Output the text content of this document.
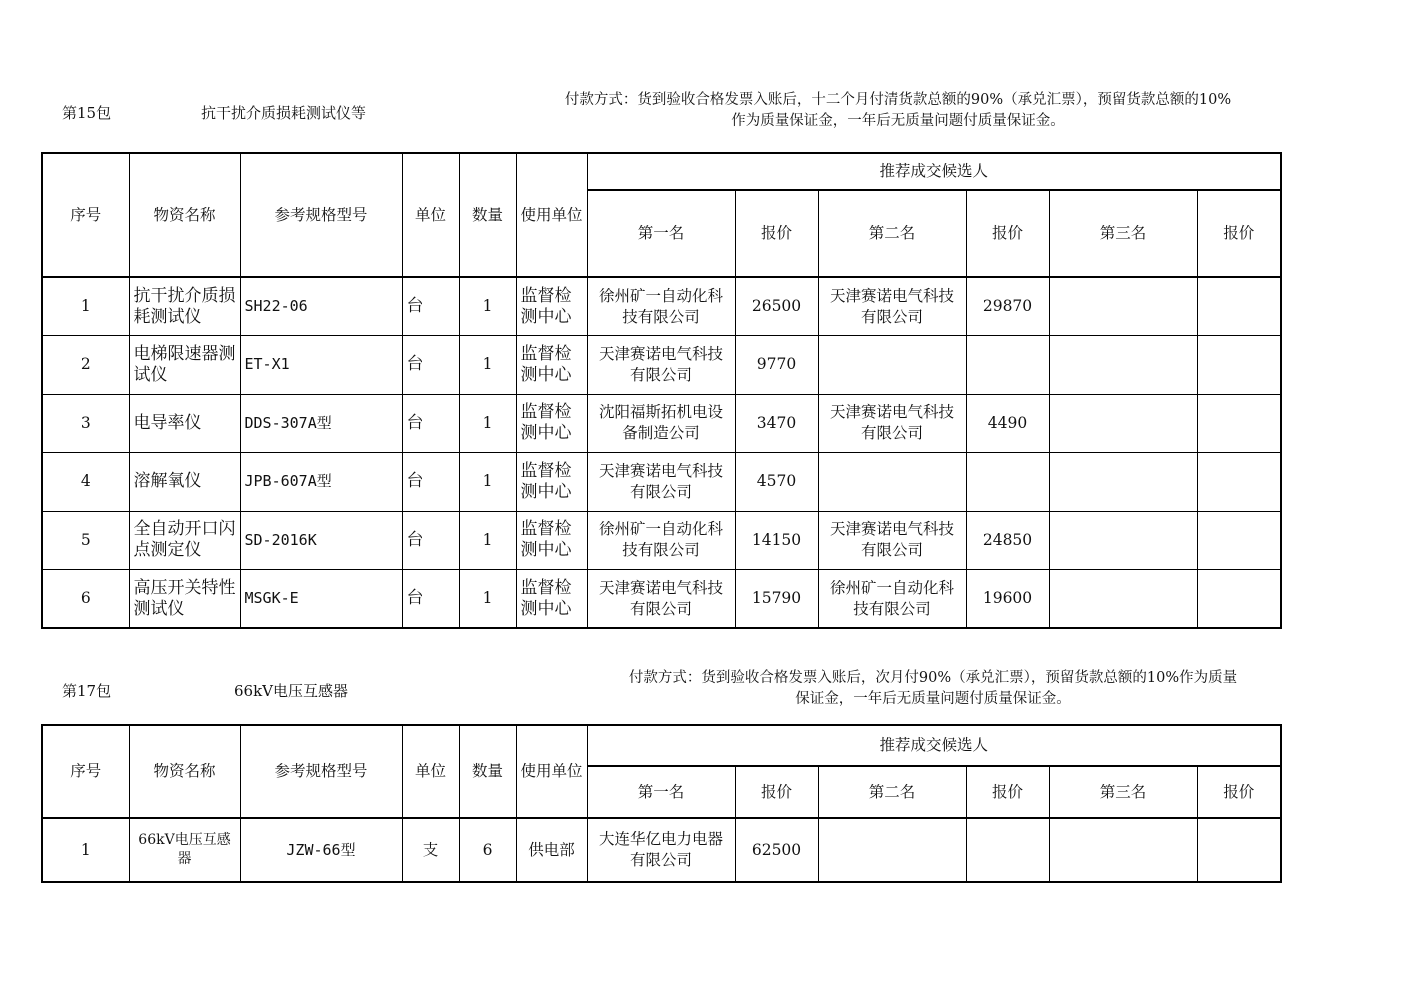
第15包	抗干扰介质损耗测试仪等
付款方式：货到验收合格发票入账后，十二个月付清货款总额的90%（承兑汇票），预留货款总额的10%
作为质量保证金，一年后无质量问题付质量保证金。
序号	物资名称	参考规格型号	单位	数量	使用单位	推荐成交候选人					
						第一名	报价	第二名	报价	第三名	报价
1	抗干扰介质损耗测试仪	SH22-06	台	1	监督检测中心	徐州矿一自动化科技有限公司	26500	天津赛诺电气科技有限公司	29870		
2	电梯限速器测试仪	ET-X1	台	1	监督检测中心	天津赛诺电气科技有限公司	9770				
3	电导率仪	DDS-307A型	台	1	监督检测中心	沈阳福斯拓机电设备制造公司	3470	天津赛诺电气科技有限公司	4490		
4	溶解氧仪	JPB-607A型	台	1	监督检测中心	天津赛诺电气科技有限公司	4570				
5	全自动开口闪点测定仪	SD-2016K	台	1	监督检测中心	徐州矿一自动化科技有限公司	14150	天津赛诺电气科技有限公司	24850		
6	高压开关特性测试仪	MSGK-E	台	1	监督检测中心	天津赛诺电气科技有限公司	15790	徐州矿一自动化科技有限公司	19600		
第17包	66kV电压互感器
付款方式：货到验收合格发票入账后，次月付90%（承兑汇票），预留货款总额的10%作为质量
保证金，一年后无质量问题付质量保证金。
序号	物资名称	参考规格型号	单位	数量	使用单位	推荐成交候选人					
						第一名	报价	第二名	报价	第三名	报价
1	66kV电压互感器	JZW-66型	支	6	供电部	大连华亿电力电器有限公司	62500				
